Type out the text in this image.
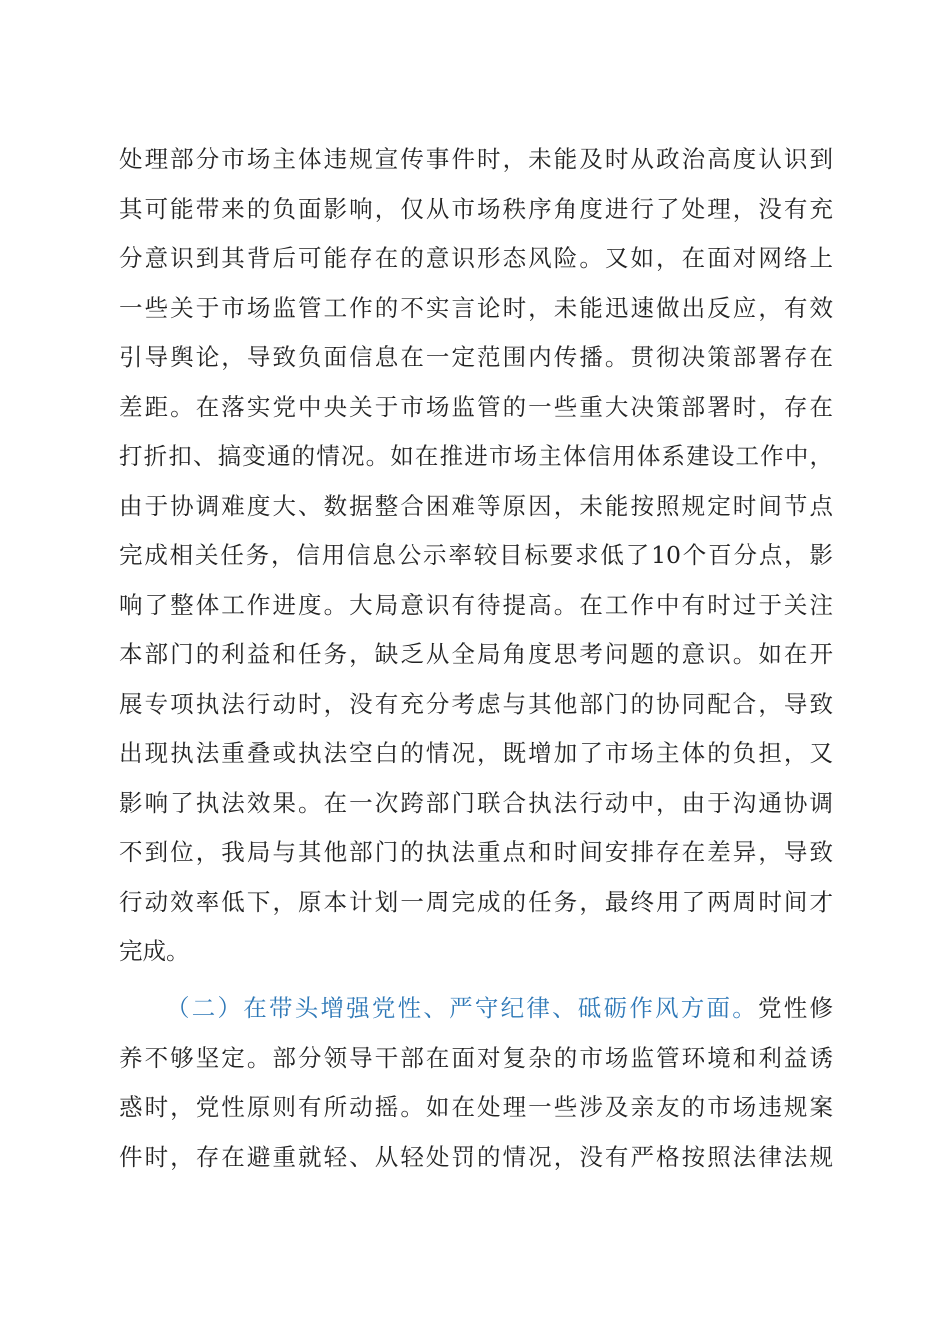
处理部分市场主体违规宣传事件时，未能及时从政治高度认识到
其可能带来的负面影响，仅从市场秩序角度进行了处理，没有充
分意识到其背后可能存在的意识形态风险。又如，在面对网络上
一些关于市场监管工作的不实言论时，未能迅速做出反应，有效
引导舆论，导致负面信息在一定范围内传播。贯彻决策部署存在
差距。在落实党中央关于市场监管的一些重大决策部署时，存在
打折扣、搞变通的情况。如在推进市场主体信用体系建设工作中，
由于协调难度大、数据整合困难等原因，未能按照规定时间节点
完成相关任务，信用信息公示率较目标要求低了10个百分点，影
响了整体工作进度。大局意识有待提高。在工作中有时过于关注
本部门的利益和任务，缺乏从全局角度思考问题的意识。如在开
展专项执法行动时，没有充分考虑与其他部门的协同配合，导致
出现执法重叠或执法空白的情况，既增加了市场主体的负担，又
影响了执法效果。在一次跨部门联合执法行动中，由于沟通协调
不到位，我局与其他部门的执法重点和时间安排存在差异，导致
行动效率低下，原本计划一周完成的任务，最终用了两周时间才
完成。
（二）在带头增强党性、严守纪律、砥砺作风方面。党性修
养不够坚定。部分领导干部在面对复杂的市场监管环境和利益诱
惑时，党性原则有所动摇。如在处理一些涉及亲友的市场违规案
件时，存在避重就轻、从轻处罚的情况，没有严格按照法律法规
